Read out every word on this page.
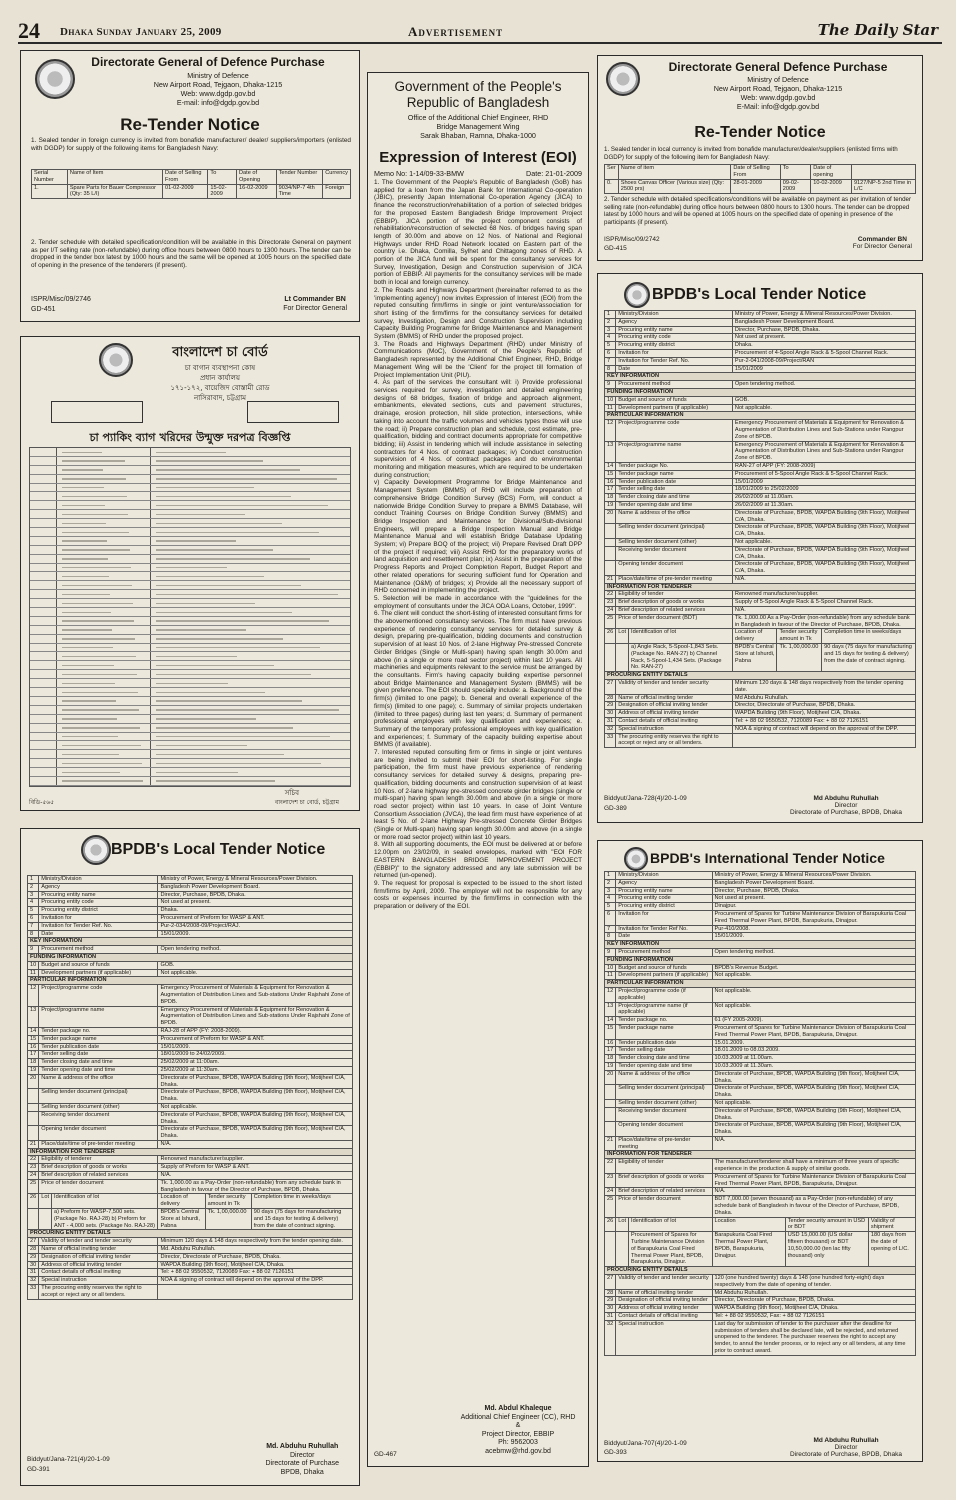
24 Dhaka Sunday January 25, 2009	Advertisement	The Daily Star
Directorate General of Defence Purchase
Ministry of Defence
New Airport Road, Tejgaon, Dhaka-1215
Web: www.dgdp.gov.bd
E-mail: info@dgdp.gov.bd
Re-Tender Notice
1. Sealed tender in foreign currency is invited from bonafide manufacturer/ dealer/ suppliers/importers (enlisted with DGDP) for supply of the following items for Bangladesh Navy:
Serial Number	Name of Item	Date of Selling From	To	Date of Opening	Tender Number	Currency
1.	Spare Parts for Bauer Compressor (Qty: 35 L/I)	01-02-2009	15-02-2009	16-02-2009	9034/NP-7 4th Time	Foreign
2. Tender schedule with detailed specification/condition will be available in this Directorate General on payment as per I/T selling rate (non-refundable) during office hours between 0800 hours to 1300 hours. The tender can be dropped in the tender box latest by 1000 hours and the same will be opened at 1005 hours on the specified date of opening in the presence of the tenderers (if present).
ISPR/Misc/09/2746
GD-451
Lt Commander BN
For Director General
বাংলাদেশ চা বোর্ড
চা বাগান ব্যবস্থাপনা কোষ
প্রধান কার্যালয়
১৭১-১৭২, বায়েজিদ বোস্তামী রোড
নাসিরাবাদ, চট্টগ্রাম
চা প্যাকিং ব্যাগ খরিদের উন্মুক্ত দরপত্র বিজ্ঞপ্তি
সচিব
বাংলাদেশ চা বোর্ড, চট্টগ্রাম
বিডি-৫৬৫
BPDB's Local Tender Notice
1	Ministry/Division		Ministry of Power, Energy & Mineral Resources/Power Division.		
2	Agency		Bangladesh Power Development Board.		
3	Procuring entity name		Director, Purchase, BPDB, Dhaka.		
4	Procuring entity code		Not used at present.		
5	Procuring entity district		Dhaka.		
6	Invitation for		Procurement of Preform for WASP & ANT.		
7	Invitation for Tender Ref. No.		Pur-2-034/2008-09/Project/RAJ.		
8	Date		15/01/2009.		
KEY INFORMATION					
9	Procurement method		Open tendering method.		
FUNDING INFORMATION					
10	Budget and source of funds		GOB.		
11	Development partners (if applicable)		Not applicable.		
PARTICULAR INFORMATION					
12	Project/programme code		Emergency Procurement of Materials & Equipment for Renovation & Augmentation of Distribution Lines and Sub-stations Under Rajshahi Zone of BPDB.		
13	Project/programme name		Emergency Procurement of Materials & Equipment for Renovation & Augmentation of Distribution Lines and Sub-stations Under Rajshahi Zone of BPDB.		
14	Tender package no.		RAJ-28 of APP (FY: 2008-2009).		
15	Tender package name		Procurement of Preform for WASP & ANT.		
16	Tender publication date		15/01/2009.		
17	Tender selling date		18/01/2009 to 24/02/2009.		
18	Tender closing date and time		25/02/2009 at 11:00am.		
19	Tender opening date and time		25/02/2009 at 11:30am.		
20	Name & address of the office		Directorate of Purchase, BPDB, WAPDA Building (9th floor), Motijheel C/A, Dhaka.		
	Selling tender document (principal)		Directorate of Purchase, BPDB, WAPDA Building (9th floor), Motijheel C/A, Dhaka.		
	Selling tender document (other)		Not applicable.		
	Receiving tender document		Directorate of Purchase, BPDB, WAPDA Building (9th floor), Motijheel C/A, Dhaka.		
	Opening tender document		Directorate of Purchase, BPDB, WAPDA Building (9th floor), Motijheel C/A, Dhaka.		
21	Place/date/time of pre-tender meeting		N/A.		
INFORMATION FOR TENDERER					
22	Eligibility of tenderer		Renowned manufacturer/supplier.		
23	Brief description of goods or works		Supply of Preform for WASP & ANT.		
24	Brief description of related services		N/A.		
25	Price of tender document		Tk. 1,000.00 as a Pay-Order (non-refundable) from any schedule bank in Bangladesh in favour of the Director of Purchase, BPDB, Dhaka.		
26	Lot	Identification of lot	Location of delivery	Tender security amount in Tk	Completion time in weeks/days
		a) Preform for WASP-7,500 sets. (Package No. RAJ-28) b) Preform for ANT - 4,000 sets. (Package No. RAJ-28)	BPDB's Central Store at Ishurdi, Pabna	Tk. 1,00,000.00	90 days (75 days for manufacturing and 15 days for testing & delivery) from the date of contract signing.
PROCURING ENTITY DETAILS					
27	Validity of tender and tender security		Minimum 120 days & 148 days respectively from the tender opening date.		
28	Name of official inviting tender		Md. Abduhu Ruhullah.		
29	Designation of official inviting tender		Director, Directorate of Purchase, BPDB, Dhaka.		
30	Address of official inviting tender		WAPDA Building (9th floor), Motijheel C/A, Dhaka.		
31	Contact details of official inviting		Tel: + 88 02 9550532, 7120089 Fax: + 88 02 7126151		
32	Special instruction		NOA & signing of contract will depend on the approval of the DPP.		
33	The procuring entity reserves the right to accept or reject any or all tenders.				
Biddyut/Jana-721(4)/20-1-09
GD-391
Md. Abduhu Ruhullah
Director
Directorate of Purchase
BPDB, Dhaka
Government of the People's
Republic of Bangladesh
Office of the Additional Chief Engineer, RHD
Bridge Management Wing
Sarak Bhaban, Ramna, Dhaka-1000
Expression of Interest (EOI)
Memo No: 1-14/09-33-BMW	Date: 21-01-2009

1. The Government of the People's Republic of Bangladesh (GoB) has applied for a loan from the Japan Bank for International Co-operation (JBIC), presently Japan International Co-operation Agency (JICA) to finance the reconstruction/rehabilitation of a portion of selected bridges for the proposed Eastern Bangladesh Bridge Improvement Project (EBBIP). JICA portion of the project component consists of rehabilitation/reconstruction of selected 68 Nos. of bridges having span length of 30.00m and above on 12 Nos. of National and Regional Highways under RHD Road Network located on Eastern part of the country i.e. Dhaka, Comilla, Sylhet and Chittagong zones of RHD. A portion of the JICA fund will be spent for the consultancy services for Survey, Investigation, Design and Construction supervision of JICA portion of EBBIP. All payments for the consultancy services will be made both in local and foreign currency.

2. The Roads and Highways Department (hereinafter referred to as the 'implementing agency') now invites Expression of Interest (EOI) from the reputed consulting firm/firms in single or joint venture/association for short listing of the firm/firms for the consultancy services for detailed survey, Investigation, Design and Construction Supervision including Capacity Building Programme for Bridge Maintenance and Management System (BMMS) of RHD under the proposed project.

3. The Roads and Highways Department (RHD) under Ministry of Communications (MoC), Government of the People's Republic of Bangladesh represented by the Additional Chief Engineer, RHD, Bridge Management Wing will be the 'Client' for the project till formation of Project Implementation Unit (PIU).

4. As part of the services the consultant will: i) Provide professional services required for survey, investigation and detailed engineering designs of 68 bridges, fixation of bridge and approach alignment, embankments, elevated sections, cuts and pavement structures, drainage, erosion protection, hill slide protection, intersections, while taking into account the traffic volumes and vehicles types those will use the road; ii) Prepare construction plan and schedule, cost estimate, pre-qualification, bidding and contract documents appropriate for competitive bidding; iii) Assist in tendering which will include assistance in selecting contractors for 4 Nos. of contract packages; iv) Conduct construction supervision of 4 Nos. of contract packages and do environmental monitoring and mitigation measures, which are required to be undertaken during construction;

v) Capacity Development Programme for Bridge Maintenance and Management System (BMMS) of RHD will include preparation of comprehensive Bridge Condition Survey (BCS) Form, will conduct a nationwide Bridge Condition Survey to prepare a BMMS Database, will conduct Training Courses on Bridge Condition Survey (BMMS) and Bridge Inspection and Maintenance for Divisional/Sub-divisional Engineers, will prepare a Bridge Inspection Manual and Bridge Maintenance Manual and will establish Bridge Database Updating System; vi) Prepare BOQ of the project; vii) Prepare Revised Draft DPP of the project if required; viii) Assist RHD for the preparatory works of land acquisition and resettlement plan; ix) Assist in the preparation of the Progress Reports and Project Completion Report, Budget Report and other related operations for securing sufficient fund for Operation and Maintenance (O&M) of bridges; x) Provide all the necessary support of RHD concerned in implementing the project.

5. Selection will be made in accordance with the "guidelines for the employment of consultants under the JICA ODA Loans, October, 1999".

6. The client will conduct the short-listing of interested consultant firms for the abovementioned consultancy services. The firm must have previous experience of rendering consultancy services for detailed survey & design, preparing pre-qualification, bidding documents and construction supervision of at least 10 Nos. of 2-lane Highway Pre-stressed Concrete Girder Bridges (Single or Multi-span) having span length 30.00m and above (in a single or more road sector project) within last 10 years. All machineries and equipments relevant to the service must be arranged by the consultants. Firm's having capacity building expertise personnel about Bridge Maintenance and Management System (BMMS) will be given preference. The EOI should specially include: a. Background of the firm(s) (limited to one page); b. General and overall experience of the firm(s) (limited to one page); c. Summary of similar projects undertaken (limited to three pages) during last ten years; d. Summary of permanent professional employees with key qualification and experiences; e. Summary of the temporary professional employees with key qualification and experiences; f. Summary of the capacity building expertise about BMMS (if available).

7. Interested reputed consulting firm or firms in single or joint ventures are being invited to submit their EOI for short-listing. For single participation, the firm must have previous experience of rendering consultancy services for detailed survey & designs, preparing pre-qualification, bidding documents and construction supervision of at least 10 Nos. of 2-lane highway pre-stressed concrete girder bridges (single or multi-span) having span length 30.00m and above (in a single or more road sector project) within last 10 years. In case of Joint Venture Consortium Association (JVCA), the lead firm must have experience of at least 5 No. of 2-lane Highway Pre-stressed Concrete Girder Bridges (Single or Multi-span) having span length 30.00m and above (in a single or more road sector project) within last 10 years.

8. With all supporting documents, the EOI must be delivered at or before 12.00pm on 23/02/09, in sealed envelopes, marked with "EOI FOR EASTERN BANGLADESH BRIDGE IMPROVEMENT PROJECT (EBBIP)" to the signatory addressed and any late submission will be returned (un-opened).

9. The request for proposal is expected to be issued to the short listed firm/firms by April, 2009. The employer will not be responsible for any costs or expenses incurred by the firm/firms in connection with the preparation or delivery of the EOI.

Md. Abdul Khaleque
Additional Chief Engineer (CC), RHD
&
Project Director, EBBIP
Ph: 9562003
acebmw@rhd.gov.bd
GD-467
Directorate General Defence Purchase
Ministry of Defence
New Airport Road, Tejgaon, Dhaka-1215
Web: www.dgdp.gov.bd
E-Mail: info@dgdp.gov.bd
Re-Tender Notice
1. Sealed tender in local currency is invited from bonafide manufacturer/dealer/suppliers (enlisted firms with DGDP) for supply of the following item for Bangladesh Navy:
Ser	Name of item	Date of Selling From	To	Date of opening	
0.	Shoes Canvas Officer (Various size) (Qty: 2500 prs)	28-01-2009	09-02-2009	10-02-2009	9127/NP-5 2nd Time in L/C
2. Tender schedule with detailed specifications/conditions will be available on payment as per invitation of tender selling rate (non-refundable) during office hours between 0800 hours to 1300 hours. The tender can be dropped latest by 1000 hours and will be opened at 1005 hours on the specified date of opening in presence of the participants (if present).
ISPR/Misc/09/2742
GD-415
Commander BN
For Director General
BPDB's Local Tender Notice
1	Ministry/Division		Ministry of Power, Energy & Mineral Resources/Power Division.		
2	Agency		Bangladesh Power Development Board.		
3	Procuring entity name		Director, Purchase, BPDB, Dhaka.		
4	Procuring entity code		Not used at present.		
5	Procuring entity district		Dhaka.		
6	Invitation for		Procurement of 4-Spool Angle Rack & 5-Spool Channel Rack.		
7	Invitation for Tender Ref. No.		Pur-2-041/2008-09/Project/RAN		
8	Date		15/01/2009		
KEY INFORMATION					
9	Procurement method		Open tendering method.		
FUNDING INFORMATION					
10	Budget and source of funds		GOB.		
11	Development partners (if applicable)		Not applicable.		
PARTICULAR INFORMATION					
12	Project/programme code		Emergency Procurement of Materials & Equipment for Renovation & Augmentation of Distribution Lines and Sub-Stations under Rangpur Zone of BPDB.		
13	Project/programme name		Emergency Procurement of Materials & Equipment for Renovation & Augmentation of Distribution Lines and Sub-Stations under Rangpur Zone of BPDB.		
14	Tender package No.		RAN-27 of APP (FY: 2008-2009)		
15	Tender package name		Procurement of 5-Spool Angle Rack & 5-Spool Channel Rack.		
16	Tender publication date		15/01/2009		
17	Tender selling date		18/01/2009 to 25/02/2009		
18	Tender closing date and time		26/02/2009 at 11.00am.		
19	Tender opening date and time		26/02/2009 at 11.30am.		
20	Name & address of the office		Directorate of Purchase, BPDB, WAPDA Building (9th Floor), Motijheel C/A, Dhaka.		
	Selling tender document (principal)		Directorate of Purchase, BPDB, WAPDA Building (9th Floor), Motijheel C/A, Dhaka.		
	Selling tender document (other)		Not applicable.		
	Receiving tender document		Directorate of Purchase, BPDB, WAPDA Building (9th Floor), Motijheel C/A, Dhaka.		
	Opening tender document		Directorate of Purchase, BPDB, WAPDA Building (9th Floor), Motijheel C/A, Dhaka.		
21	Place/date/time of pre-tender meeting		N/A.		
INFORMATION FOR TENDERER					
22	Eligibility of tender		Renowned manufacturer/supplier.		
23	Brief description of goods or works		Supply of 5-Spool Angle Rack & 5-Spool Channel Rack.		
24	Brief description of related services		N/A.		
25	Price of tender document (BDT)		Tk. 1,000.00 As a Pay-Order (non-refundable) from any schedule bank in Bangladesh in favour of the Director of Purchase, BPDB, Dhaka.		
26	Lot	Identification of lot	Location of delivery	Tender security amount in Tk	Completion time in weeks/days
		a) Angle Rack, 5-Spool-1,843 Sets. (Package No. RAN-27) b) Channel Rack, 5-Spool-1,434 Sets. (Package No. RAN-27)	BPDB's Central Store at Ishurdi, Pabna	Tk. 1,00,000.00	90 days (75 days for manufacturing and 15 days for testing & delivery) from the date of contract signing.
PROCURING ENTITY DETAILS					
27	Validity of tender and tender security		Minimum 120 days & 148 days respectively from the tender opening date.		
28	Name of official inviting tender		Md Abduhu Ruhullah.		
29	Designation of official inviting tender		Director, Directorate of Purchase, BPDB, Dhaka.		
30	Address of official inviting tender		WAPDA Building (9th Floor), Motijheel C/A, Dhaka.		
31	Contact details of official inviting		Tel: + 88 02 9550532, 7120089 Fax: + 88 02 7126151		
32	Special instruction		NOA & signing of contract will depend on the approval of the DPP.		
33	The procuring entity reserves the right to accept or reject any or all tenders.				
Biddyut/Jana-728(4)/20-1-09
GD-389
Md Abduhu Ruhullah
Director
Directorate of Purchase, BPDB, Dhaka
BPDB's International Tender Notice
1	Ministry/Division		Ministry of Power, Energy & Mineral Resources/Power Division.		
2	Agency		Bangladesh Power Development Board.		
3	Procuring entity name		Director, Purchase, BPDB, Dhaka.		
4	Procuring entity code		Not used at present.		
5	Procuring entity district		Dinajpur.		
6	Invitation for		Procurement of Spares for Turbine Maintenance Division of Barapukuria Coal Fired Thermal Power Plant, BPDB, Barapukuria, Dinajpur.		
7	Invitation for Tender Ref No.		Pur-410/2008.		
8	Date		15/01/2009.		
KEY INFORMATION					
9	Procurement method		Open tendering method.		
FUNDING INFORMATION					
10	Budget and source of funds		BPDB's Revenue Budget.		
11	Development partners (if applicable)		Not applicable.		
PARTICULAR INFORMATION					
12	Project/programme code (if applicable)		Not applicable.		
13	Project/programme name (if applicable)		Not applicable.		
14	Tender package no.		61 (FY 2005-2009).		
15	Tender package name		Procurement of Spares for Turbine Maintenance Division of Barapukuria Coal Fired Thermal Power Plant, BPDB, Barapukuria, Dinajpur.		
16	Tender publication date		15.01.2009.		
17	Tender selling date		18.01.2009 to 08.03.2009.		
18	Tender closing date and time		10.03.2009 at 11.00am.		
19	Tender opening date and time		10.03.2009 at 11.30am.		
20	Name & address of the office		Directorate of Purchase, BPDB, WAPDA Building (9th floor), Motijheel C/A, Dhaka.		
	Selling tender document (principal)		Directorate of Purchase, BPDB, WAPDA Building (9th floor), Motijheel C/A, Dhaka.		
	Selling tender document (other)		Not applicable.		
	Receiving tender document		Directorate of Purchase, BPDB, WAPDA Building (9th Floor), Motijheel C/A, Dhaka.		
	Opening tender document		Directorate of Purchase, BPDB, WAPDA Building (9th Floor), Motijheel C/A, Dhaka.		
21	Place/date/time of pre-tender meeting		N/A.		
INFORMATION FOR TENDERER					
22	Eligibility of tender		The manufacturer/tenderer shall have a minimum of three years of specific experience in the production & supply of similar goods.		
23	Brief description of goods or works		Procurement of Spares for Turbine Maintenance Division of Barapukuria Coal Fired Thermal Power Plant, BPDB, Barapukuria, Dinajpur.		
24	Brief description of related services		N/A.		
25	Price of tender document		BDT 7,000.00 (seven thousand) as a Pay-Order (non-refundable) of any schedule bank of Bangladesh in favour of the Director of Purchase, BPDB, Dhaka.		
26	Lot	Identification of lot	Location	Tender security amount in USD or BDT	Validity of shipment
		Procurement of Spares for Turbine Maintenance Division of Barapukuria Coal Fired Thermal Power Plant, BPDB, Barapukuria, Dinajpur.	Barapukuria Coal Fired Thermal Power Plant, BPDB, Barapukuria, Dinajpur.	USD 15,000.00 (US dollar fifteen thousand) or BDT 10,50,000.00 (ten lac fifty thousand) only	180 days from the date of opening of L/C.
PROCURING ENTITY DETAILS					
27	Validity of tender and tender security		120 (one hundred twenty) days & 148 (one hundred forty-eight) days respectively from the date of opening of tender.		
28	Name of official inviting tender		Md Abduhu Ruhullah.		
29	Designation of official inviting tender		Director, Directorate of Purchase, BPDB, Dhaka.		
30	Address of official inviting tender		WAPDA Building (9th floor), Motijheel C/A, Dhaka.		
31	Contact details of official inviting		Tel: + 88 02 9550532, Fax: + 88 02 7126151		
32	Special instruction		Last day for submission of tender to the purchaser after the deadline for submission of tenders shall be declared late, will be rejected, and returned unopened to the tenderer. The purchaser reserves the right to accept any tender, to annul the tender process, or to reject any or all tenders, at any time prior to contract award.		
Biddyut/Jana-707(4)/20-1-09
GD-393
Md Abduhu Ruhullah
Director
Directorate of Purchase, BPDB, Dhaka
